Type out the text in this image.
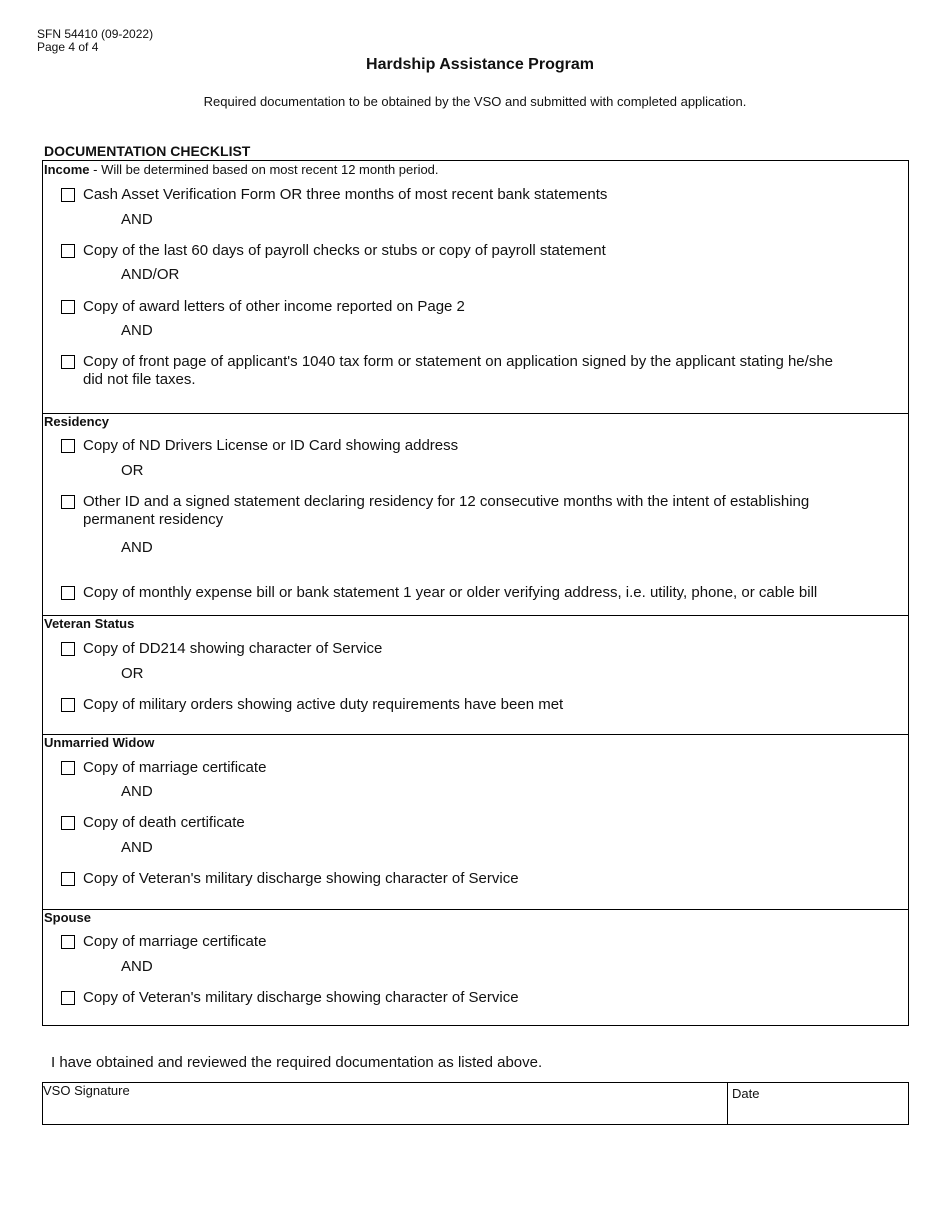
SFN 54410 (09-2022)
Page 4 of 4
Hardship Assistance Program
Required documentation to be obtained by the VSO and submitted with completed application.
DOCUMENTATION CHECKLIST
Income - Will be determined based on most recent 12 month period.
Cash Asset Verification Form OR three months of most recent bank statements
AND
Copy of the last 60 days of payroll checks or stubs or copy of payroll statement
AND/OR
Copy of award letters of other income reported on Page 2
AND
Copy of front page of applicant's 1040 tax form or statement on application signed by the applicant stating he/she did not file taxes.
Residency
Copy of ND Drivers License or ID Card showing address
OR
Other ID and a signed statement declaring residency for 12 consecutive months with the intent of establishing permanent residency
AND
Copy of monthly expense bill or bank statement 1 year or older verifying address, i.e. utility, phone, or cable bill
Veteran Status
Copy of DD214 showing character of Service
OR
Copy of military orders showing active duty requirements have been met
Unmarried Widow
Copy of marriage certificate
AND
Copy of death certificate
AND
Copy of Veteran's military discharge showing character of Service
Spouse
Copy of marriage certificate
AND
Copy of Veteran's military discharge showing character of Service
I have obtained and reviewed the required documentation as listed above.
VSO Signature	Date
